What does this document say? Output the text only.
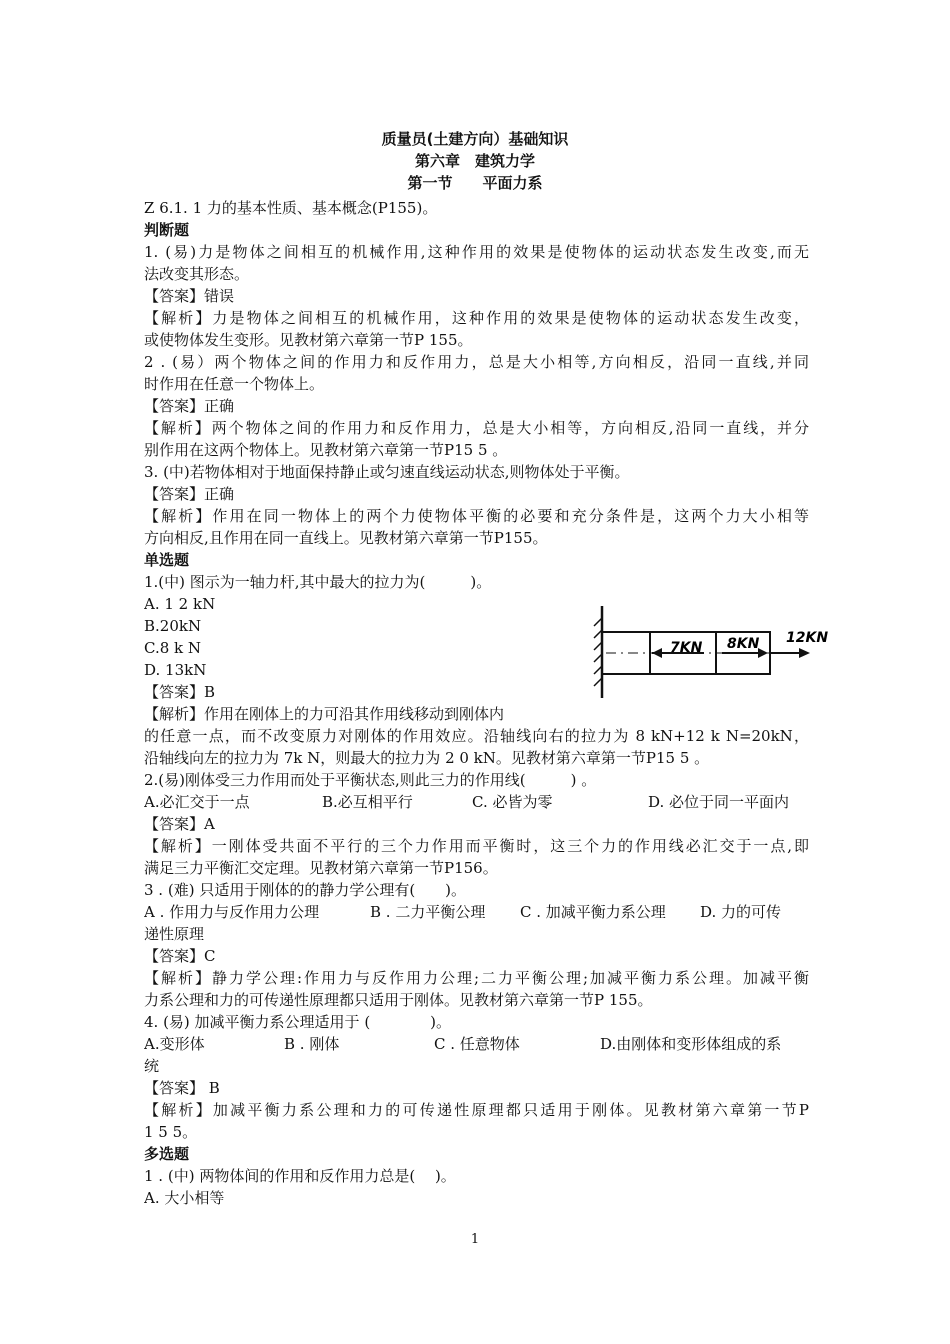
质量员(土建方向）基础知识
第六章　建筑力学
第一节　　平面力系
Z 6.1. 1 力的基本性质、基本概念(P155)。
判断题
1. (易)力是物体之间相互的机械作用,这种作用的效果是使物体的运动状态发生改变,而无
法改变其形态。
【答案】错误
【解析】力是物体之间相互的机械作用，这种作用的效果是使物体的运动状态发生改变，
或使物体发生变形。见教材第六章第一节P 155。
2 . (易）两个物体之间的作用力和反作用力，总是大小相等,方向相反，沿同一直线,并同
时作用在任意一个物体上。
【答案】正确
【解析】两个物体之间的作用力和反作用力，总是大小相等，方向相反,沿同一直线，并分
别作用在这两个物体上。见教材第六章第一节P15 5 。
3. (中)若物体相对于地面保持静止或匀速直线运动状态,则物体处于平衡。
【答案】正确
【解析】作用在同一物体上的两个力使物体平衡的必要和充分条件是，这两个力大小相等
方向相反,且作用在同一直线上。见教材第六章第一节P155。
单选题
1.(中) 图示为一轴力杆,其中最大的拉力为(　　　)。
A. 1 2 kN
B.20kN
C.8 k N
D. 13kN
【答案】B
【解析】作用在刚体上的力可沿其作用线移动到刚体内
的任意一点，而不改变原力对刚体的作用效应。沿轴线向右的拉力为 8 kN+12 k N=20kN，
沿轴线向左的拉力为 7k N，则最大的拉力为 2 0 kN。见教材第六章第一节P15 5 。
2.(易)刚体受三力作用而处于平衡状态,则此三力的作用线(　　　) 。
A.必汇交于一点	B.必互相平行	C. 必皆为零	D. 必位于同一平面内
【答案】A
【解析】一刚体受共面不平行的三个力作用而平衡时，这三个力的作用线必汇交于一点,即
满足三力平衡汇交定理。见教材第六章第一节P156。
3 . (难) 只适用于刚体的的静力学公理有(　　)。
A . 作用力与反作用力公理	B . 二力平衡公理	C . 加减平衡力系公理	D. 力的可传
递性原理
【答案】C
【解析】静力学公理:作用力与反作用力公理;二力平衡公理;加减平衡力系公理。加减平衡
力系公理和力的可传递性原理都只适用于刚体。见教材第六章第一节P 155。
4. (易) 加减平衡力系公理适用于 (　　　　)。
A.变形体	B . 刚体	C . 任意物体	D.由刚体和变形体组成的系
统
【答案】 B
【解析】加减平衡力系公理和力的可传递性原理都只适用于刚体。见教材第六章第一节P
1 5 5。
多选题
1 . (中) 两物体间的作用和反作用力总是(　 )。
A. 大小相等
7KN 8KN 12KN
1
